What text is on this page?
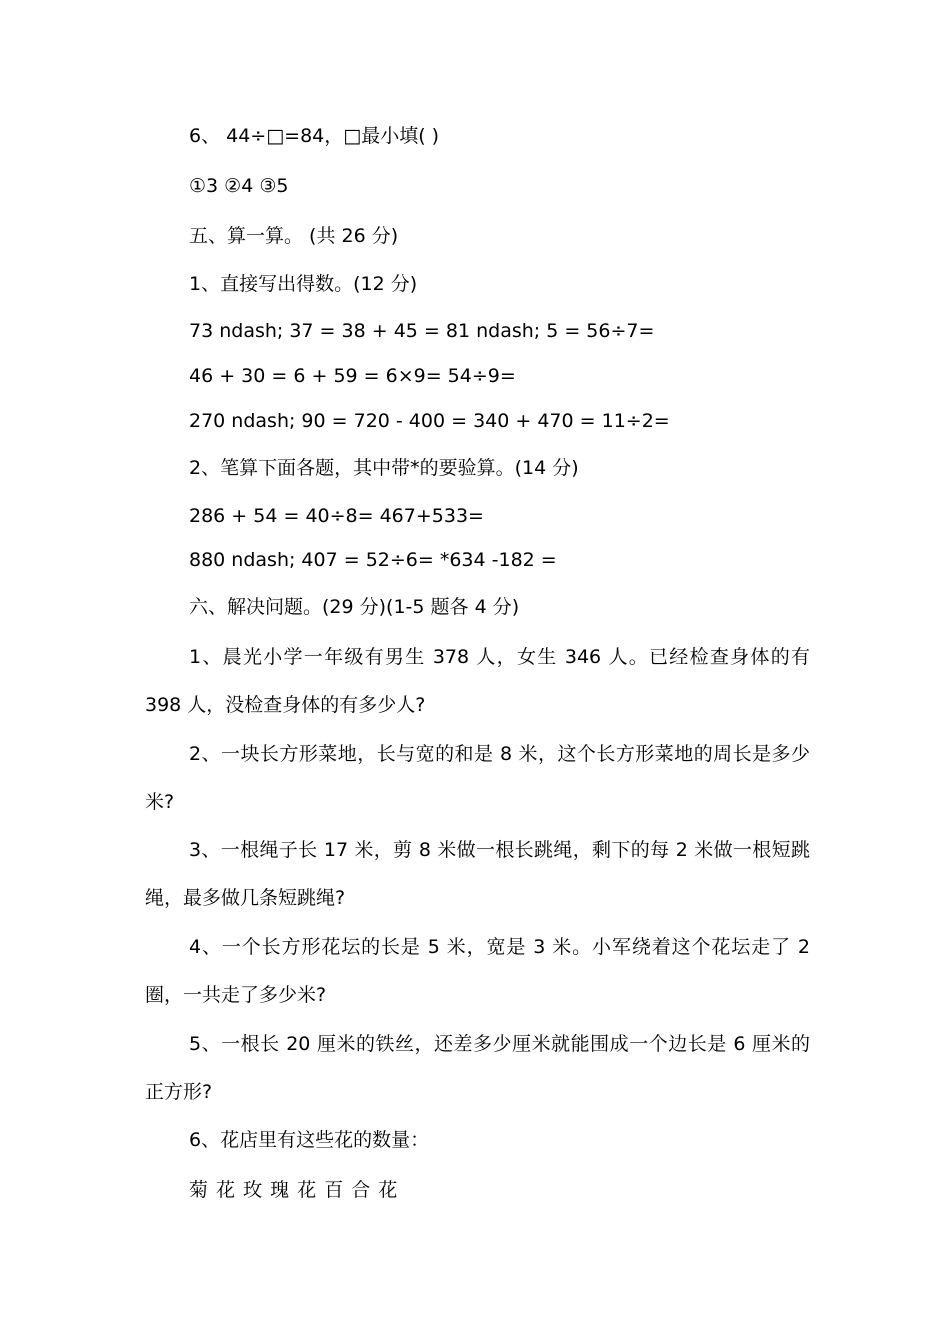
6、 44÷□=84，□最小填( )
①3 ②4 ③5
五、算一算。 (共 26 分)
1、直接写出得数。(12 分)
73 ndash; 37 = 38 + 45 = 81 ndash; 5 = 56÷7=
46 + 30 = 6 + 59 = 6×9= 54÷9=
270 ndash; 90 = 720 - 400 = 340 + 470 = 11÷2=
2、笔算下面各题，其中带*的要验算。(14 分)
286 + 54 = 40÷8= 467+533=
880 ndash; 407 = 52÷6= *634 -182 =
六、解决问题。(29 分)(1-5 题各 4 分)
1、晨光小学一年级有男生 378 人，女生 346 人。已经检查身体的有 398 人，没检查身体的有多少人?
2、一块长方形菜地，长与宽的和是 8 米，这个长方形菜地的周长是多少米?
3、一根绳子长 17 米，剪 8 米做一根长跳绳，剩下的每 2 米做一根短跳绳，最多做几条短跳绳?
4、一个长方形花坛的长是 5 米，宽是 3 米。小军绕着这个花坛走了 2 圈，一共走了多少米?
5、一根长 20 厘米的铁丝，还差多少厘米就能围成一个边长是 6 厘米的正方形?
6、花店里有这些花的数量：
菊 花 玫 瑰 花 百 合 花
